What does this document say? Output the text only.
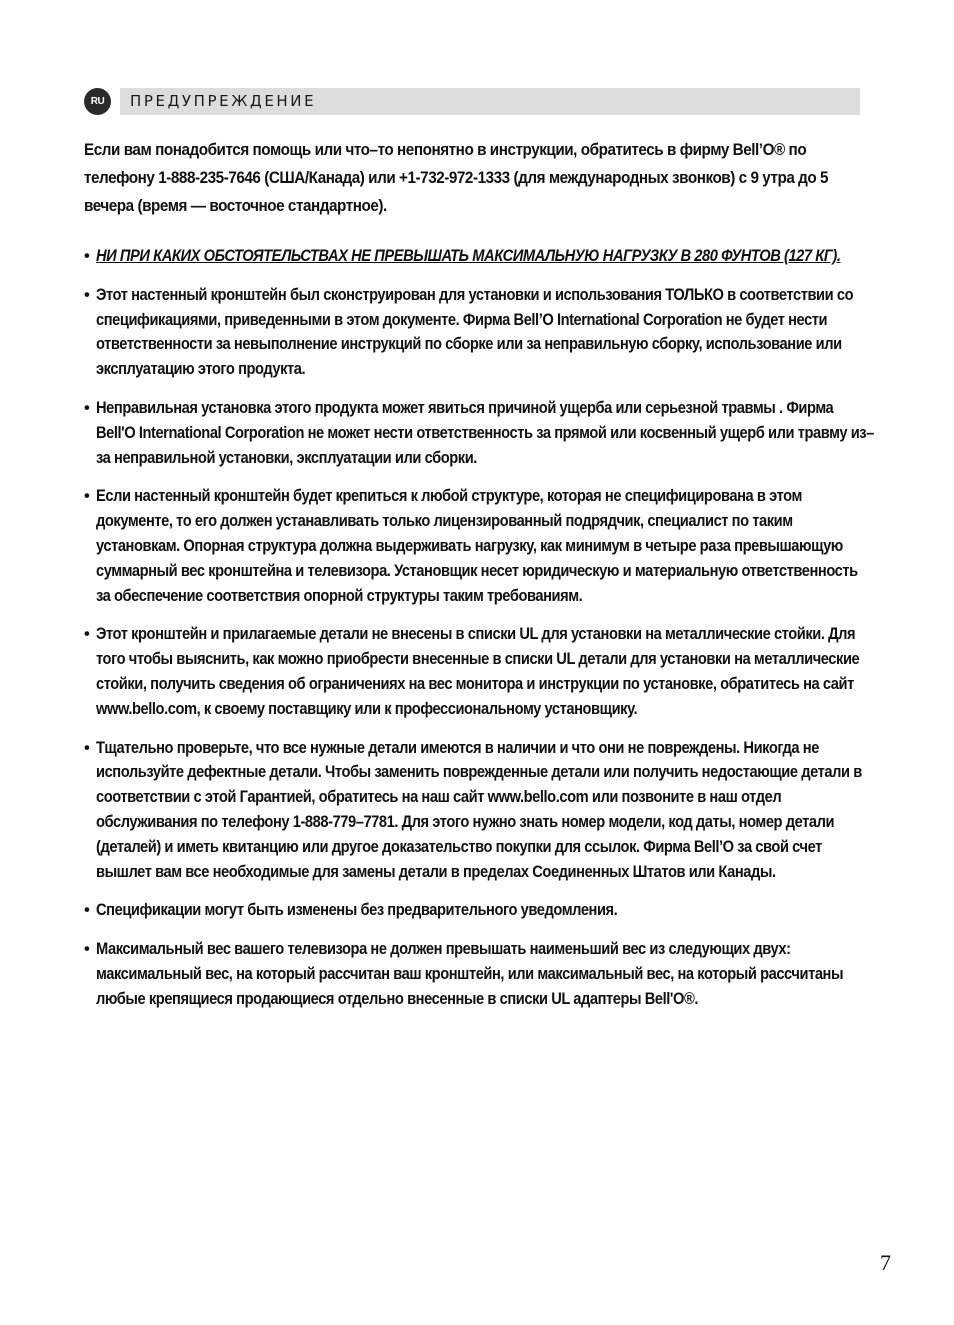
RU	ПРЕДУПРЕЖДЕНИЕ

Если вам понадобится помощь или что–то непонятно в инструкции, обратитесь в фирму Bell’O® по телефону 1-888-235-7646 (США/Канада) или +1-732-972-1333 (для международных звонков) с 9 утра до 5 вечера (время — восточное стандартное).

• НИ ПРИ КАКИХ ОБСТОЯТЕЛЬСТВАХ НЕ ПРЕВЫШАТЬ МАКСИМАЛЬНУЮ НАГРУЗКУ В 280 ФУНТОВ (127 КГ).
• Этот настенный кронштейн был сконструирован для установки и использования ТОЛЬКО в соответствии со спецификациями, приведенными в этом документе. Фирма Bell’O International Corporation не будет нести ответственности за невыполнение инструкций по сборке или за неправильную сборку, использование или эксплуатацию этого продукта.
• Неправильная установка этого продукта может явиться причиной ущерба или серьезной травмы . Фирма Bell'O International Corporation не может нести ответственность за прямой или косвенный ущерб или травму из–за неправильной установки, эксплуатации или сборки.
• Если настенный кронштейн будет крепиться к любой структуре, которая не специфицирована в этом документе, то его должен устанавливать только лицензированный подрядчик, специалист по таким установкам. Опорная структура должна выдерживать нагрузку, как минимум в четыре раза превышающую суммарный вес кронштейна и телевизора. Установщик несет юридическую и материальную ответственность за обеспечение соответствия опорной структуры таким требованиям.
• Этот кронштейн и прилагаемые детали не внесены в списки UL для установки на металлические стойки. Для того чтобы выяснить, как можно приобрести внесенные в списки UL детали для установки на металлические стойки, получить сведения об ограничениях на вес монитора и инструкции по установке, обратитесь на сайт www.bello.com, к своему поставщику или к профессиональному установщику.
• Тщательно проверьте, что все нужные детали имеются в наличии и что они не повреждены. Никогда не используйте дефектные детали. Чтобы заменить поврежденные детали или получить недостающие детали в соответствии с этой Гарантией, обратитесь на наш сайт www.bello.com или позвоните в наш отдел обслуживания по телефону 1-888-779–7781. Для этого нужно знать номер модели, код даты, номер детали (деталей) и иметь квитанцию или другое доказательство покупки для ссылок. Фирма Bell’O за свой счет вышлет вам все необходимые для замены детали в пределах Соединенных Штатов или Канады.
• Спецификации могут быть изменены без предварительного уведомления.
• Максимальный вес вашего телевизора не должен превышать наименьший вес из следующих двух: максимальный вес, на который рассчитан ваш кронштейн, или максимальный вес, на который рассчитаны любые крепящиеся продающиеся отдельно внесенные в списки UL адаптеры Bell'O®.
7
